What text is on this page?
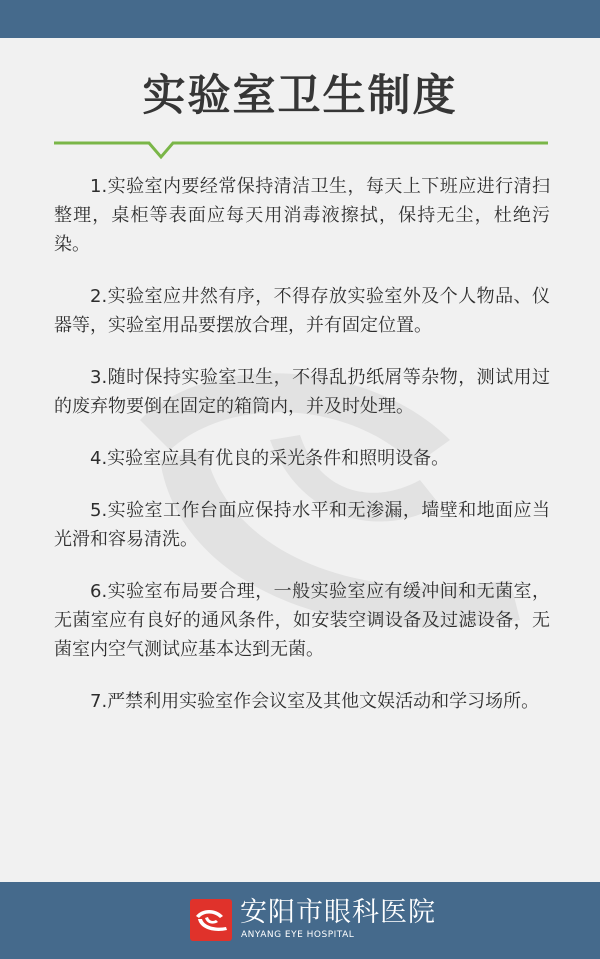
实验室卫生制度

1.实验室内要经常保持清洁卫生，每天上下班应进行清扫整理，桌柜等表面应每天用消毒液擦拭，保持无尘，杜绝污染。

2.实验室应井然有序，不得存放实验室外及个人物品、仪器等，实验室用品要摆放合理，并有固定位置。

3.随时保持实验室卫生，不得乱扔纸屑等杂物，测试用过的废弃物要倒在固定的箱筒内，并及时处理。

4.实验室应具有优良的采光条件和照明设备。

5.实验室工作台面应保持水平和无渗漏，墙壁和地面应当光滑和容易清洗。

6.实验室布局要合理，一般实验室应有缓冲间和无菌室，无菌室应有良好的通风条件，如安装空调设备及过滤设备，无菌室内空气测试应基本达到无菌。

7.严禁利用实验室作会议室及其他文娱活动和学习场所。

安阳市眼科医院
ANYANG EYE HOSPITAL
